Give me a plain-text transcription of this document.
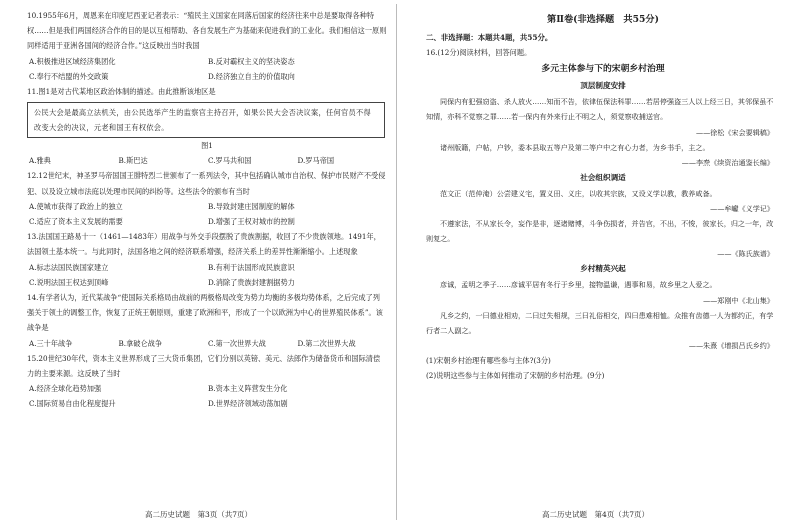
10.1955年6月，周恩来在印度尼西亚记者表示：“殖民主义国家在同落后国家的经济往来中总是要取得各种特权……但是我们两国经济合作的目的是以互相帮助、各自发展生产为基础来促进我们的工业化。我们相信这一原则同样适用于亚洲各国间的经济合作。”这反映出当时我国

A.积极推进区域经济集团化	B.反对霸权主义的坚决姿态
C.奉行不结盟的外交政策	D.经济独立自主的价值取向

11.图1是对古代某地区政治体制的描述。由此推断该地区是

公民大会是最高立法机关，由公民选举产生的监察官主持召开，如果公民大会否决议案，任何官员不得改变大会的决议，元老和国王有权依会。
图1
A.雅典	B.斯巴达	C.罗马共和国	D.罗马帝国

12.12世纪末，神圣罗马帝国国王腓特烈二世颁布了一系列法令，其中包括确认城市自治权、保护市民财产不受侵犯、以及设立城市法庭以处理市民间的纠纷等。这些法令的颁布有当时

A.使城市获得了政治上的独立	B.导致封建庄园制度的解体
C.适应了资本主义发展的需要	D.增强了王权对城市的控制

13.法国国王路易十一（1461—1483年）用战争与外交手段摆脱了贵族割据，收回了不少贵族领地。1491年，法国领土基本统一。与此同时，法国各地之间的经济联系增强，经济关系上的差异性渐渐缩小。上述现象

A.标志法国民族国家建立	B.有利于法国形成民族意识
C.说明法国王权达到顶峰	D.消除了贵族封建割据势力

14.有学者认为，近代某战争“使国际关系格局由战前的两极格局改变为势力均衡的多极均势体系，之后完成了列强关于领土的调整工作，恢复了正统王朝原则，重建了欧洲和平，形成了一个以欧洲为中心的世界殖民体系”。该战争是

A.三十年战争	B.拿破仑战争	C.第一次世界大战	D.第二次世界大战

15.20世纪30年代，资本主义世界形成了三大货币集团，它们分别以英镑、美元、法郎作为储备货币和国际清偿力的主要来源。这反映了当时

A.经济全球化趋势加强	B.资本主义阵营发生分化
C.国际贸易自由化程度提升	D.世界经济领域动荡加剧
高二历史试题　第3页（共7页）
第Ⅱ卷(非选择题　共55分)
二、非选择题：本题共4题，共55分。
16.(12分)阅读材料，回答问题。
多元主体参与下的宋朝乡村治理
顶层制度安排

同保内有犯强窃盗、杀人放火……知而不告，依律伍保法科罪……若居停强盗三人以上经三日，其邻保虽不知情，亦科不觉察之罪……若一保内有外来行止不明之人，须觉察收捕送官。

——徐松《宋会要辑稿》

诸州版籍，户帖，户钞，委本县取五等户及第二等户中之有心力者，为乡书手，主之。

——李焘《续资治通鉴长编》
社会组织调适

范文正（范仲淹）公尝建义宅，置义田、义庄，以收其宗族，又设义学以教，教养咸备。

——牟巘《义学记》

不遵家法，不从家长令，妄作是非，逐诸赌博，斗争伤损者，并告官，不出，不悛，彼家长，归之一年，改则复之。

——《陈氏族谱》
乡村精英兴起

彦诚，孟明之季子……彦诚平居有冬行于乡里，接物温谦，遇事和易，故乡里之人爱之。

——郑刚中《北山集》

凡乡之约，一曰德业相劝，二曰过失相规，三曰礼俗相交，四曰患难相恤。众推有齿德一人为都约正，有学行者二人副之。

——朱熹《增损吕氏乡约》
(1)宋朝乡村治理有哪些参与主体?(3分)
(2)说明这些参与主体如何推动了宋朝的乡村治理。(9分)
高二历史试题　第4页（共7页）
